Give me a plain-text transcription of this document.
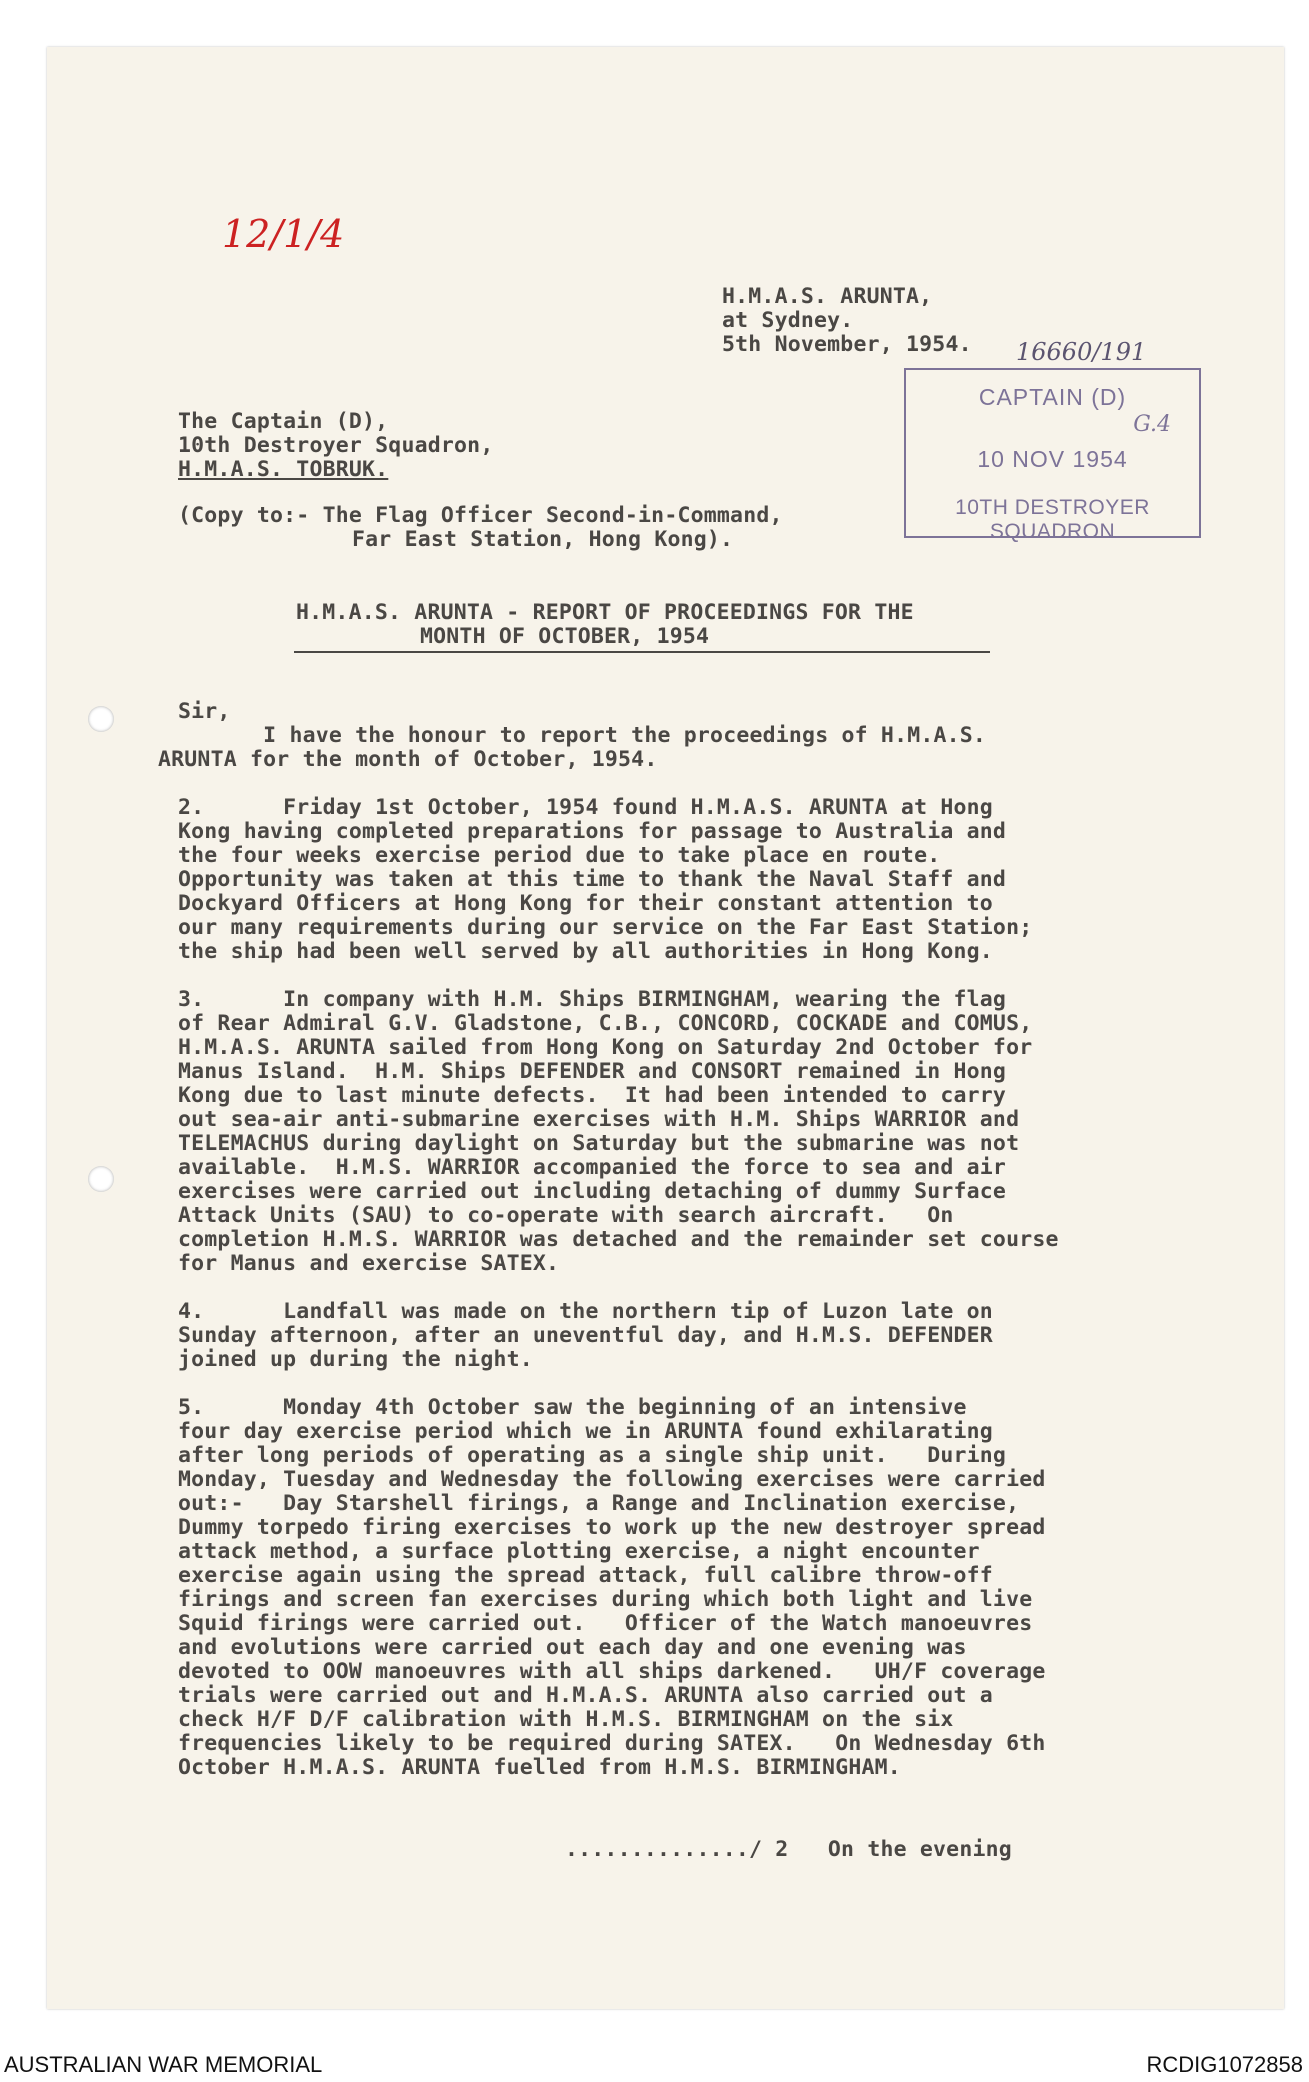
12/1/4
H.M.A.S. ARUNTA,
at Sydney.
5th November, 1954. 16660/191
CAPTAIN (D)
G.4
10 NOV 1954
10TH DESTROYER SQUADRON
The Captain (D),
10th Destroyer Squadron,
H.M.A.S. TOBRUK.
(Copy to:- The Flag Officer Second-in-Command,
Far East Station, Hong Kong).
H.M.A.S. ARUNTA - REPORT OF PROCEEDINGS FOR THE
MONTH OF OCTOBER, 1954
Sir,
I have the honour to report the proceedings of H.M.A.S.
ARUNTA for the month of October, 1954.
2.      Friday 1st October, 1954 found H.M.A.S. ARUNTA at Hong
Kong having completed preparations for passage to Australia and
the four weeks exercise period due to take place en route.
Opportunity was taken at this time to thank the Naval Staff and
Dockyard Officers at Hong Kong for their constant attention to
our many requirements during our service on the Far East Station;
the ship had been well served by all authorities in Hong Kong.
3.      In company with H.M. Ships BIRMINGHAM, wearing the flag
of Rear Admiral G.V. Gladstone, C.B., CONCORD, COCKADE and COMUS,
H.M.A.S. ARUNTA sailed from Hong Kong on Saturday 2nd October for
Manus Island.  H.M. Ships DEFENDER and CONSORT remained in Hong
Kong due to last minute defects.  It had been intended to carry
out sea-air anti-submarine exercises with H.M. Ships WARRIOR and
TELEMACHUS during daylight on Saturday but the submarine was not
available.  H.M.S. WARRIOR accompanied the force to sea and air
exercises were carried out including detaching of dummy Surface
Attack Units (SAU) to co-operate with search aircraft.   On
completion H.M.S. WARRIOR was detached and the remainder set course
for Manus and exercise SATEX.
4.      Landfall was made on the northern tip of Luzon late on
Sunday afternoon, after an uneventful day, and H.M.S. DEFENDER
joined up during the night.
5.      Monday 4th October saw the beginning of an intensive
four day exercise period which we in ARUNTA found exhilarating
after long periods of operating as a single ship unit.   During
Monday, Tuesday and Wednesday the following exercises were carried
out:-   Day Starshell firings, a Range and Inclination exercise,
Dummy torpedo firing exercises to work up the new destroyer spread
attack method, a surface plotting exercise, a night encounter
exercise again using the spread attack, full calibre throw-off
firings and screen fan exercises during which both light and live
Squid firings were carried out.   Officer of the Watch manoeuvres
and evolutions were carried out each day and one evening was
devoted to OOW manoeuvres with all ships darkened.   UH/F coverage
trials were carried out and H.M.A.S. ARUNTA also carried out a
check H/F D/F calibration with H.M.S. BIRMINGHAM on the six
frequencies likely to be required during SATEX.   On Wednesday 6th
October H.M.A.S. ARUNTA fuelled from H.M.S. BIRMINGHAM.
............../ 2   On the evening
AUSTRALIAN WAR MEMORIAL	RCDIG1072858
